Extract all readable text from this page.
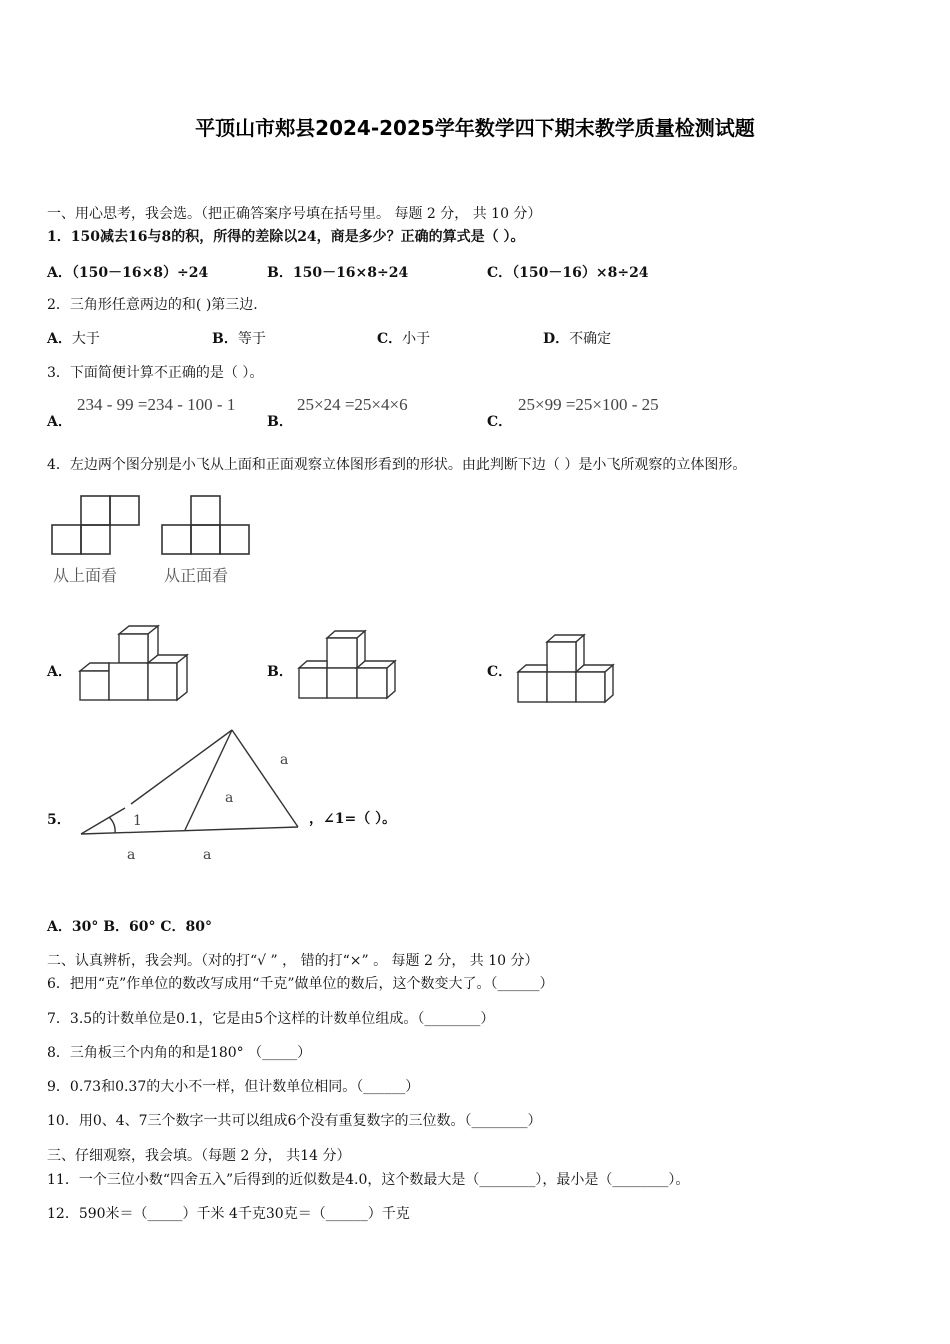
平顶山市郏县2024-2025学年数学四下期末教学质量检测试题
一、用心思考，我会选。（把正确答案序号填在括号里。 每题 2 分， 共 10 分）
1．150减去16与8的积，所得的差除以24，商是多少？正确的算式是（ ）。
A．（150－16×8）÷24	B．150－16×8÷24	C．（150－16）×8÷24
2．三角形任意两边的和( )第三边.
A．大于	B．等于	C．小于	D．不确定
3．下面简便计算不正确的是（ ）。
A．
234 - 99 =234 - 100 - 1
B．
25×24 =25×4×6
C．
25×99 =25×100 - 25
4．左边两个图分别是小飞从上面和正面观察立体图形看到的形状。由此判断下边（ ）是小飞所观察的立体图形。
从上面看	从正面看
A．	B．	C．
5．
a
a
1
a	a
，∠1=（ ）。
A．30° B．60° C．80°
二、认真辨析，我会判。（对的打“√ ” ， 错的打“×” 。 每题 2 分， 共 10 分）
6．把用“克”作单位的数改写成用“千克”做单位的数后，这个数变大了。（______）
7．3.5的计数单位是0.1，它是由5个这样的计数单位组成。（________）
8．三角板三个内角的和是180° （_____）
9．0.73和0.37的大小不一样，但计数单位相同。（______）
10．用0、4、7三个数字一共可以组成6个没有重复数字的三位数。（________）
三、仔细观察，我会填。（每题 2 分， 共14 分）
11．一个三位小数“四舍五入”后得到的近似数是4.0，这个数最大是（________），最小是（________）。
12．590米＝（_____）千米 4千克30克＝（______）千克
